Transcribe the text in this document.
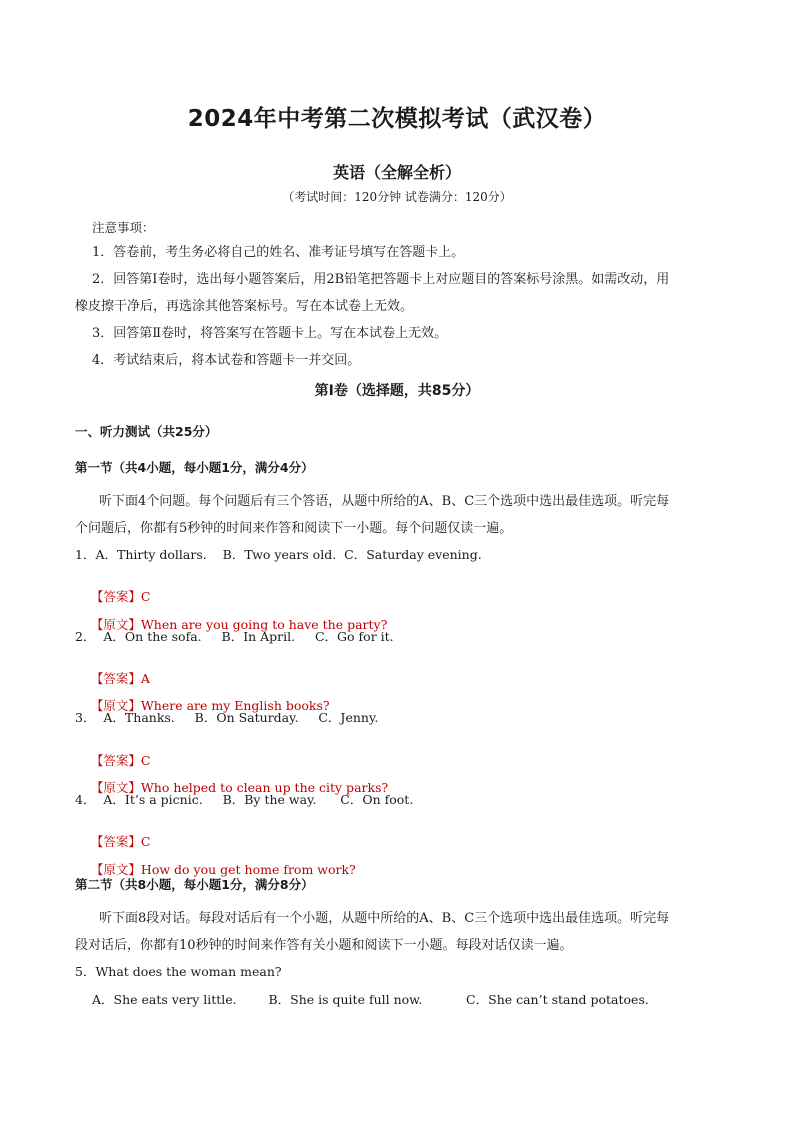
2024年中考第二次模拟考试（武汉卷）
英语（全解全析）
（考试时间：120分钟 试卷满分：120分）
注意事项：
1．答卷前，考生务必将自己的姓名、准考证号填写在答题卡上。
2．回答第Ⅰ卷时，选出每小题答案后，用2B铅笔把答题卡上对应题目的答案标号涂黑。如需改动，用
橡皮擦干净后，再选涂其他答案标号。写在本试卷上无效。
3．回答第Ⅱ卷时，将答案写在答题卡上。写在本试卷上无效。
4．考试结束后，将本试卷和答题卡一并交回。
第Ⅰ卷（选择题，共85分）
一、听力测试（共25分）
第一节（共4小题，每小题1分，满分4分）
听下面4个问题。每个问题后有三个答语，从题中所给的A、B、C三个选项中选出最佳选项。听完每
个问题后，你都有5秒钟的时间来作答和阅读下一小题。每个问题仅读一遍。
1．A．Thirty dollars.    B．Two years old.  C．Saturday evening.

【答案】C

【原文】When are you going to have the party?

2．  A．On the sofa.     B．In April.     C．Go for it.

【答案】A

【原文】Where are my English books?

3．  A．Thanks.     B．On Saturday.     C．Jenny.

【答案】C

【原文】Who helped to clean up the city parks?

4．  A．It’s a picnic.     B．By the way.      C．On foot.

【答案】C

【原文】How do you get home from work?

第二节（共8小题，每小题1分，满分8分）
听下面8段对话。每段对话后有一个小题，从题中所给的A、B、C三个选项中选出最佳选项。听完每
段对话后，你都有10秒钟的时间来作答有关小题和阅读下一小题。每段对话仅读一遍。
5．What does the woman mean?
A．She eats very little.        B．She is quite full now.           C．She can’t stand potatoes.
